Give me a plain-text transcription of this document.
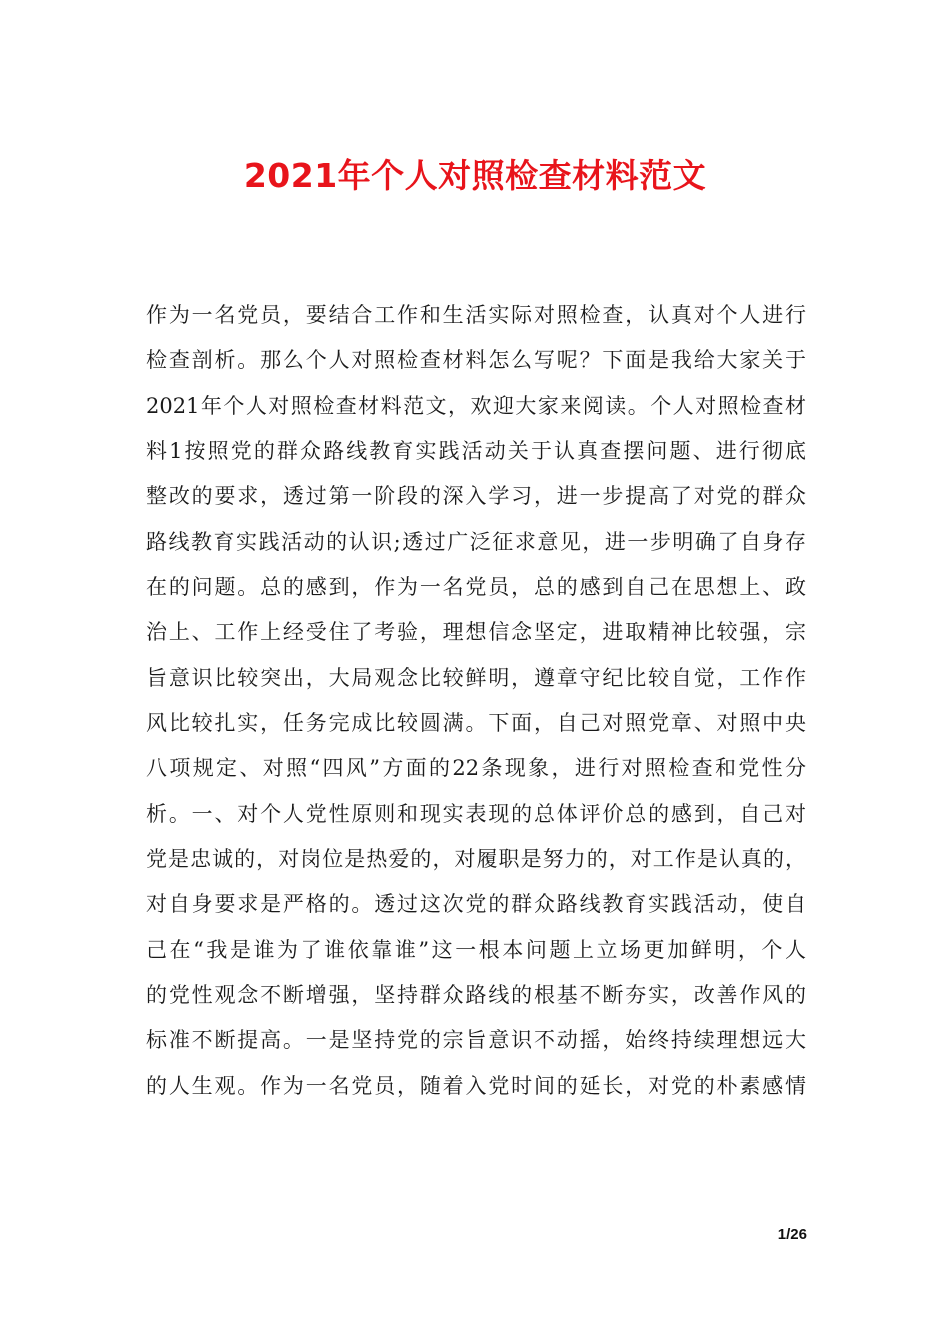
2021年个人对照检查材料范文
作为一名党员，要结合工作和生活实际对照检查，认真对个人进行
检查剖析。那么个人对照检查材料怎么写呢？下面是我给大家关于
2021年个人对照检查材料范文，欢迎大家来阅读。个人对照检查材
料1按照党的群众路线教育实践活动关于认真查摆问题、进行彻底
整改的要求，透过第一阶段的深入学习，进一步提高了对党的群众
路线教育实践活动的认识;透过广泛征求意见，进一步明确了自身存
在的问题。总的感到，作为一名党员，总的感到自己在思想上、政
治上、工作上经受住了考验，理想信念坚定，进取精神比较强，宗
旨意识比较突出，大局观念比较鲜明，遵章守纪比较自觉，工作作
风比较扎实，任务完成比较圆满。下面，自己对照党章、对照中央
八项规定、对照“四风”方面的22条现象，进行对照检查和党性分
析。一、对个人党性原则和现实表现的总体评价总的感到，自己对
党是忠诚的，对岗位是热爱的，对履职是努力的，对工作是认真的，
对自身要求是严格的。透过这次党的群众路线教育实践活动，使自
己在“我是谁为了谁依靠谁”这一根本问题上立场更加鲜明，个人
的党性观念不断增强，坚持群众路线的根基不断夯实，改善作风的
标准不断提高。一是坚持党的宗旨意识不动摇，始终持续理想远大
的人生观。作为一名党员，随着入党时间的延长，对党的朴素感情
1/26
